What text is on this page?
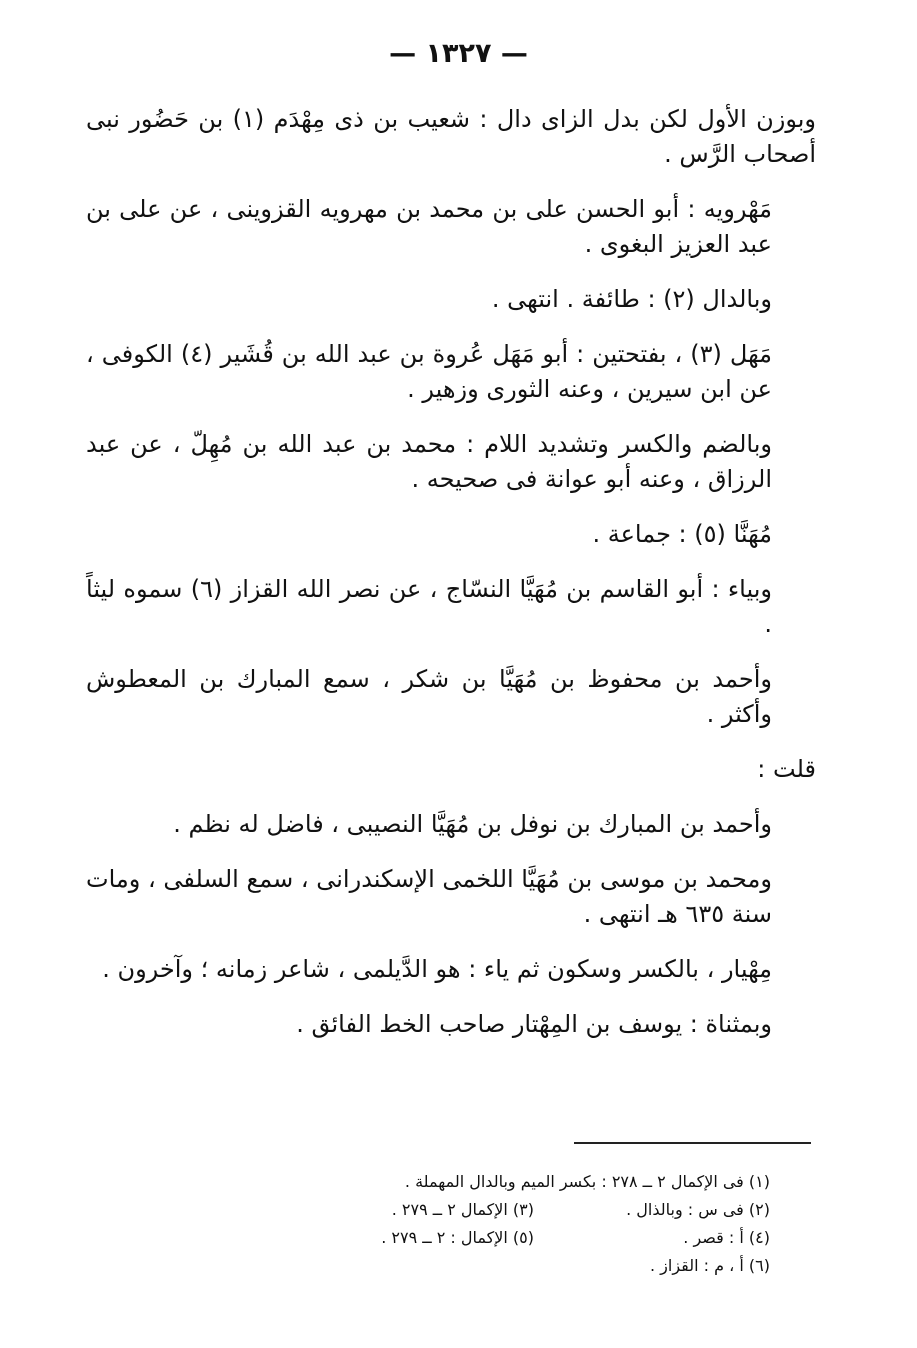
— ١٣٢٧ —

وبوزن الأول لكن بدل الزاى دال : شعيب بن ذى مِهْدَم (١) بن حَضُور نبى أصحاب الرَّس .

مَهْرويه : أبو الحسن على بن محمد بن مهرويه القزوينى ، عن على بن عبد العزيز البغوى .

وبالدال (٢) : طائفة . انتهى .

مَهَل (٣) ، بفتحتين : أبو مَهَل عُروة بن عبد الله بن قُشَير (٤) الكوفى ، عن ابن سيرين ، وعنه الثورى وزهير .

وبالضم والكسر وتشديد اللام : محمد بن عبد الله بن مُهِلّ ، عن عبد الرزاق ، وعنه أبو عوانة فى صحيحه .

مُهَنَّا (٥) : جماعة .

وبياء : أبو القاسم بن مُهَيَّا النسّاج ، عن نصر الله القزاز (٦) سموه ليثاً .

وأحمد بن محفوظ بن مُهَيَّا بن شكر ، سمع المبارك بن المعطوش وأكثر .

قلت :

وأحمد بن المبارك بن نوفل بن مُهَيَّا النصيبى ، فاضل له نظم .

ومحمد بن موسى بن مُهَيَّا اللخمى الإسكندرانى ، سمع السلفى ، ومات سنة ٦٣٥ هـ انتهى .

مِهْيار ، بالكسر وسكون ثم ياء : هو الدَّيلمى ، شاعر زمانه ؛ وآخرون .

وبمثناة : يوسف بن المِهْتار صاحب الخط الفائق .

(١) فى الإكمال ٢ ــ ٢٧٨ : بكسر الميم وبالدال المهملة .
(٢) فى س : وبالذال .
(٣) الإكمال ٢ ــ ٢٧٩ .
(٤) أ : قصر .
(٥) الإكمال : ٢ ــ ٢٧٩ .
(٦) أ ، م : القزاز .
